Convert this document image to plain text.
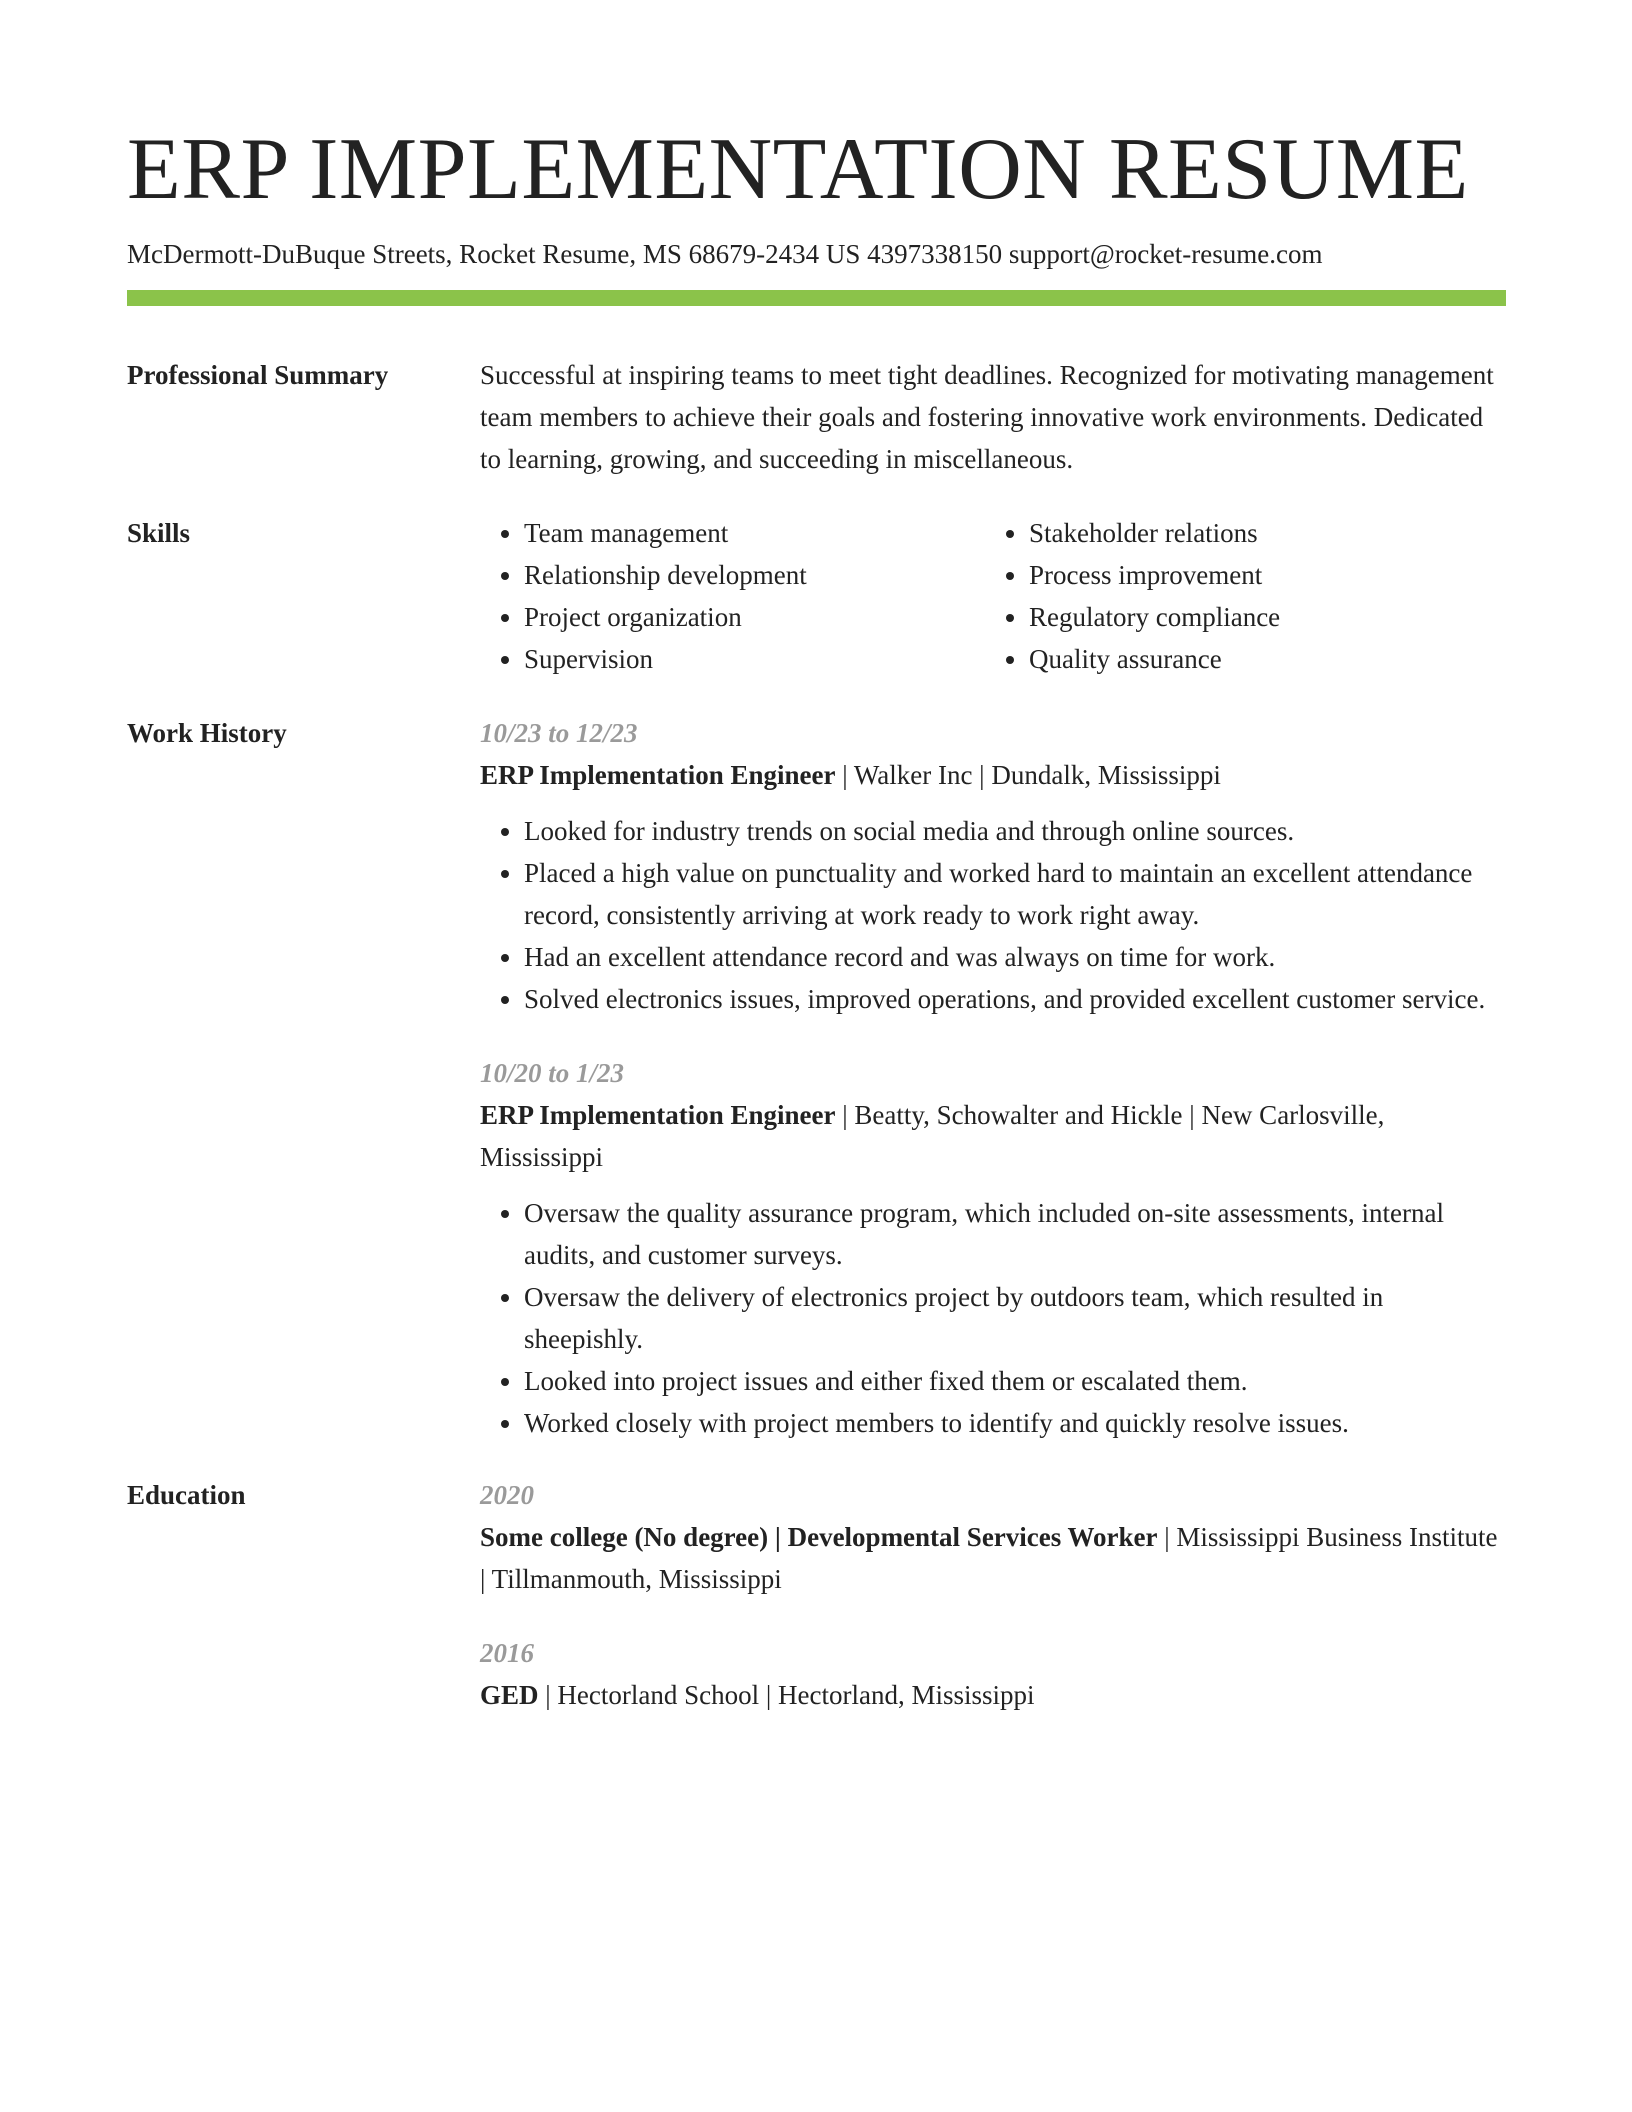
ERP IMPLEMENTATION RESUME
McDermott-DuBuque Streets, Rocket Resume, MS 68679-2434 US 4397338150 support@rocket-resume.com
Professional Summary	Successful at inspiring teams to meet tight deadlines. Recognized for motivating management team members to achieve their goals and fostering innovative work environments. Dedicated to learning, growing, and succeeding in miscellaneous.
Skills
•	Team management
• Relationship development
• Project organization
• Supervision
• Stakeholder relations
• Process improvement
• Regulatory compliance
• Quality assurance
Work History	10/23 to 12/23
ERP Implementation Engineer | Walker Inc | Dundalk, Mississippi
• Looked for industry trends on social media and through online sources.
• Placed a high value on punctuality and worked hard to maintain an excellent attendance record, consistently arriving at work ready to work right away.
• Had an excellent attendance record and was always on time for work.
• Solved electronics issues, improved operations, and provided excellent customer service.
10/20 to 1/23
ERP Implementation Engineer | Beatty, Schowalter and Hickle | New Carlosville, Mississippi
• Oversaw the quality assurance program, which included on-site assessments, internal audits, and customer surveys.
• Oversaw the delivery of electronics project by outdoors team, which resulted in sheepishly.
• Looked into project issues and either fixed them or escalated them.
• Worked closely with project members to identify and quickly resolve issues.
Education	2020
Some college (No degree) | Developmental Services Worker | Mississippi Business Institute | Tillmanmouth, Mississippi
2016
GED | Hectorland School | Hectorland, Mississippi
